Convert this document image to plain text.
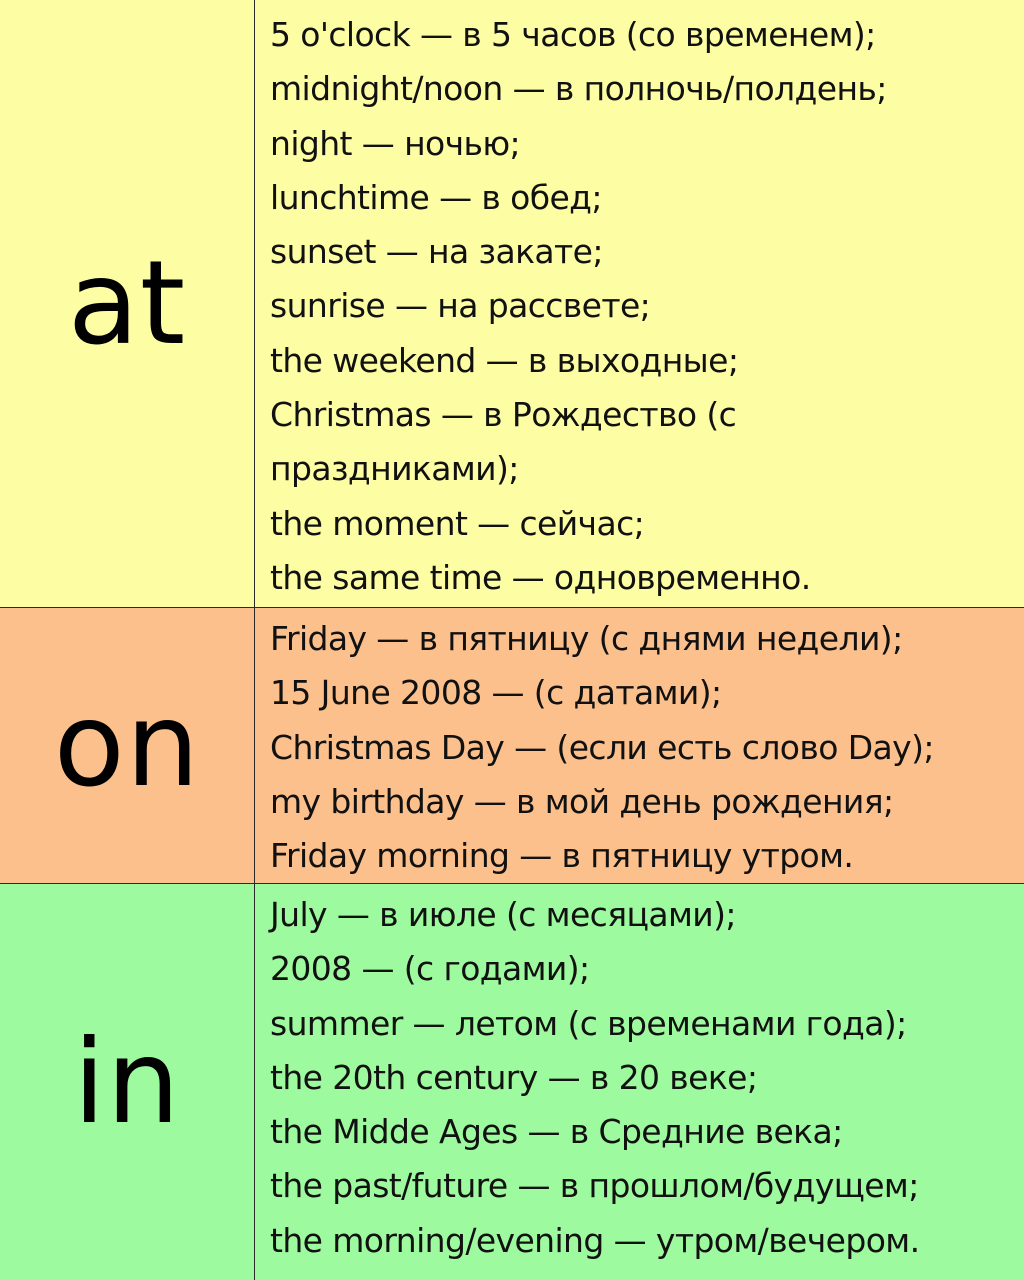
at
5 o'clock — в 5 часов (со временем);
midnight/noon — в полночь/полдень;
night — ночью;
lunchtime — в обед;
sunset — на закате;
sunrise — на рассвете;
the weekend — в выходные;
Christmas — в Рождество (с
праздниками);
the moment — сейчас;
the same time — одновременно.
on
Friday — в пятницу (с днями недели);
15 June 2008 — (с датами);
Christmas Day — (если есть слово Day);
my birthday — в мой день рождения;
Friday morning — в пятницу утром.
in
July — в июле (с месяцами);
2008 — (с годами);
summer — летом (с временами года);
the 20th century — в 20 веке;
the Midde Ages — в Средние века;
the past/future — в прошлом/будущем;
the morning/evening — утром/вечером.
